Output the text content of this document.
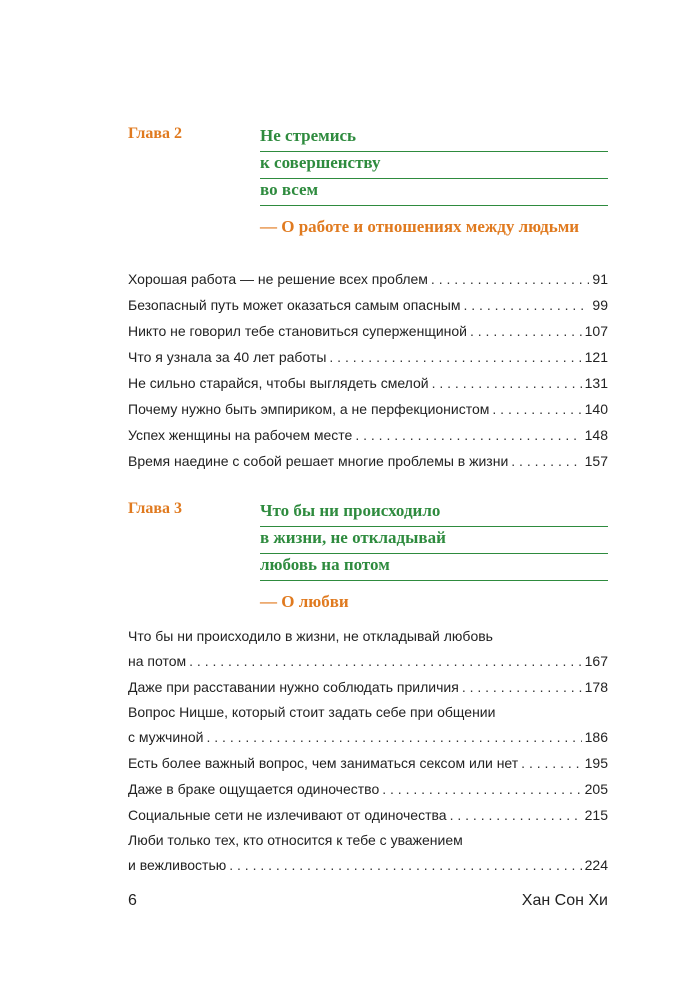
Глава 2	Не стремись
к совершенству
во всем
— О работе и отношениях между людьми
Хорошая работа — не решение всех проблем . . .	91
Безопасный путь может оказаться самым опасным . . .	99
Никто не говорил тебе становиться суперженщиной . . .	107
Что я узнала за 40 лет работы . . .	121
Не сильно старайся, чтобы выглядеть смелой . . .	131
Почему нужно быть эмпириком, а не перфекционистом . . .	140
Успех женщины на рабочем месте . . .	148
Время наедине с собой решает многие проблемы в жизни . . .	157
Глава 3	Что бы ни происходило
в жизни, не откладывай
любовь на потом
— О любви
Что бы ни происходило в жизни, не откладывай любовь
на потом . . .	167
Даже при расставании нужно соблюдать приличия . . .	178
Вопрос Ницше, который стоит задать себе при общении
с мужчиной . . .	186
Есть более важный вопрос, чем заниматься сексом или нет . . .	195
Даже в браке ощущается одиночество . . .	205
Социальные сети не излечивают от одиночества . . .	215
Люби только тех, кто относится к тебе с уважением
и вежливостью . . .	224
6	Хан Сон Хи
